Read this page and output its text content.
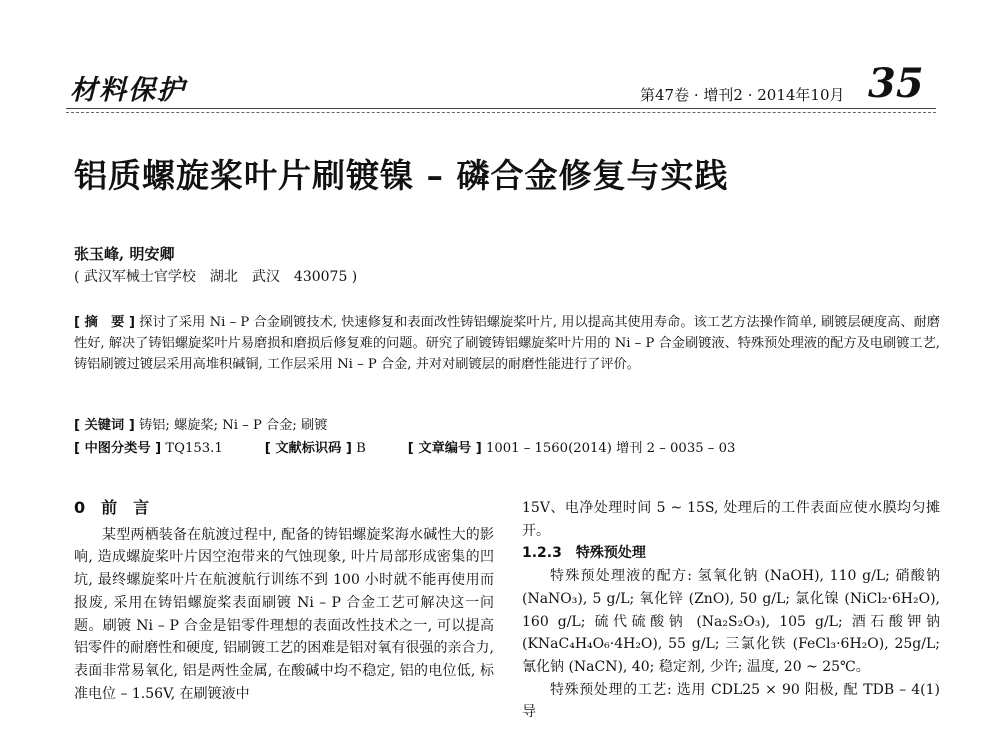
材料保护	第47卷 · 增刊2 · 2014年10月 35
铝质螺旋桨叶片刷镀镍 – 磷合金修复与实践
张玉峰, 明安卿
( 武汉军械士官学校　湖北　武汉　430075 )
[ 摘　要 ] 探讨了采用 Ni – P 合金刷镀技术, 快速修复和表面改性铸铝螺旋桨叶片, 用以提高其使用寿命。该工艺方法操作简单, 刷镀层硬度高、耐磨性好, 解决了铸铝螺旋桨叶片易磨损和磨损后修复难的问题。研究了刷镀铸铝螺旋桨叶片用的 Ni – P 合金刷镀液、特殊预处理液的配方及电刷镀工艺, 铸铝刷镀过镀层采用高堆积碱铜, 工作层采用 Ni – P 合金, 并对对刷镀层的耐磨性能进行了评价。
[ 关键词 ] 铸铝; 螺旋桨; Ni – P 合金; 刷镀
[ 中图分类号 ] TQ153.1	[ 文献标识码 ] B	[ 文章编号 ] 1001 – 1560(2014) 增刊 2 – 0035 – 03
0　前　言

某型两栖装备在航渡过程中, 配备的铸铝螺旋桨海水碱性大的影响, 造成螺旋桨叶片因空泡带来的气蚀现象, 叶片局部形成密集的凹坑, 最终螺旋桨叶片在航渡航行训练不到 100 小时就不能再使用而报废, 采用在铸铝螺旋桨表面刷镀 Ni – P 合金工艺可解决这一问题。刷镀 Ni – P 合金是铝零件理想的表面改性技术之一, 可以提高铝零件的耐磨性和硬度, 铝刷镀工艺的困难是铝对氧有很强的亲合力, 表面非常易氧化, 铝是两性金属, 在酸碱中均不稳定, 铝的电位低, 标准电位 – 1.56V, 在刷镀液中

15V、电净处理时间 5 ~ 15S, 处理后的工件表面应使水膜均匀摊开。

1.2.3　特殊预处理

特殊预处理液的配方: 氢氧化钠 (NaOH), 110 g/L; 硝酸钠 (NaNO₃), 5 g/L; 氧化锌 (ZnO), 50 g/L; 氯化镍 (NiCl₂·6H₂O), 160 g/L; 硫代硫酸钠 (Na₂S₂O₃), 105 g/L; 酒石酸钾钠 (KNaC₄H₄O₆·4H₂O), 55 g/L; 三氯化铁 (FeCl₃·6H₂O), 25g/L; 氰化钠 (NaCN), 40; 稳定剂, 少许; 温度, 20 ~ 25℃。

特殊预处理的工艺: 选用 CDL25 × 90 阳极, 配 TDB – 4(1) 导
